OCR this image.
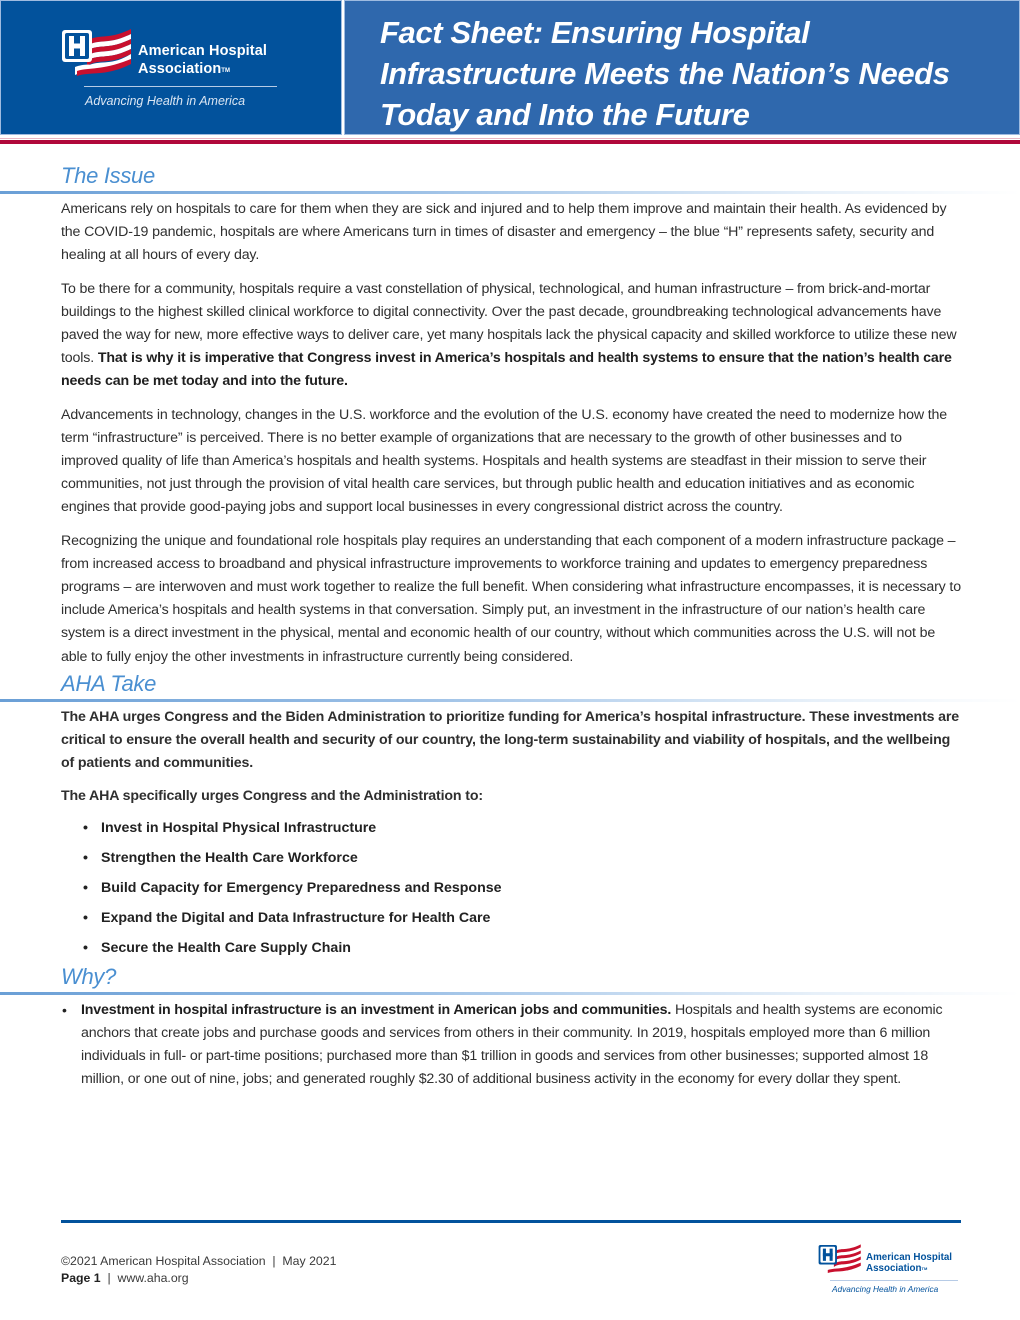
American Hospital
Association™
Advancing Health in America
Fact Sheet: Ensuring Hospital Infrastructure Meets the Nation’s Needs Today and Into the Future
The Issue

Americans rely on hospitals to care for them when they are sick and injured and to help them improve and maintain their health. As evidenced by the COVID-19 pandemic, hospitals are where Americans turn in times of disaster and emergency – the blue “H” represents safety, security and healing at all hours of every day.

To be there for a community, hospitals require a vast constellation of physical, technological, and human infrastructure – from brick-and-mortar buildings to the highest skilled clinical workforce to digital connectivity. Over the past decade, groundbreaking technological advancements have paved the way for new, more effective ways to deliver care, yet many hospitals lack the physical capacity and skilled workforce to utilize these new tools. That is why it is imperative that Congress invest in America’s hospitals and health systems to ensure that the nation’s health care needs can be met today and into the future.

Advancements in technology, changes in the U.S. workforce and the evolution of the U.S. economy have created the need to modernize how the term “infrastructure” is perceived. There is no better example of organizations that are necessary to the growth of other businesses and to improved quality of life than America’s hospitals and health systems. Hospitals and health systems are steadfast in their mission to serve their communities, not just through the provision of vital health care services, but through public health and education initiatives and as economic engines that provide good-paying jobs and support local businesses in every congressional district across the country.

Recognizing the unique and foundational role hospitals play requires an understanding that each component of a modern infrastructure package – from increased access to broadband and physical infrastructure improvements to workforce training and updates to emergency preparedness programs – are interwoven and must work together to realize the full benefit. When considering what infrastructure encompasses, it is necessary to include America’s hospitals and health systems in that conversation. Simply put, an investment in the infrastructure of our nation’s health care system is a direct investment in the physical, mental and economic health of our country, without which communities across the U.S. will not be able to fully enjoy the other investments in infrastructure currently being considered.

AHA Take

The AHA urges Congress and the Biden Administration to prioritize funding for America’s hospital infrastructure. These investments are critical to ensure the overall health and security of our country, the long-term sustainability and viability of hospitals, and the wellbeing of patients and communities.

The AHA specifically urges Congress and the Administration to:

• Invest in Hospital Physical Infrastructure
• Strengthen the Health Care Workforce
• Build Capacity for Emergency Preparedness and Response
• Expand the Digital and Data Infrastructure for Health Care
• Secure the Health Care Supply Chain
Why?

• Investment in hospital infrastructure is an investment in American jobs and communities. Hospitals and health systems are economic anchors that create jobs and purchase goods and services from others in their community. In 2019, hospitals employed more than 6 million individuals in full- or part-time positions; purchased more than $1 trillion in goods and services from other businesses; supported almost 18 million, or one out of nine, jobs; and generated roughly $2.30 of additional business activity in the economy for every dollar they spent.

©2021 American Hospital Association  |  May 2021
Page 1  |  www.aha.org
American Hospital
Association™
Advancing Health in America
